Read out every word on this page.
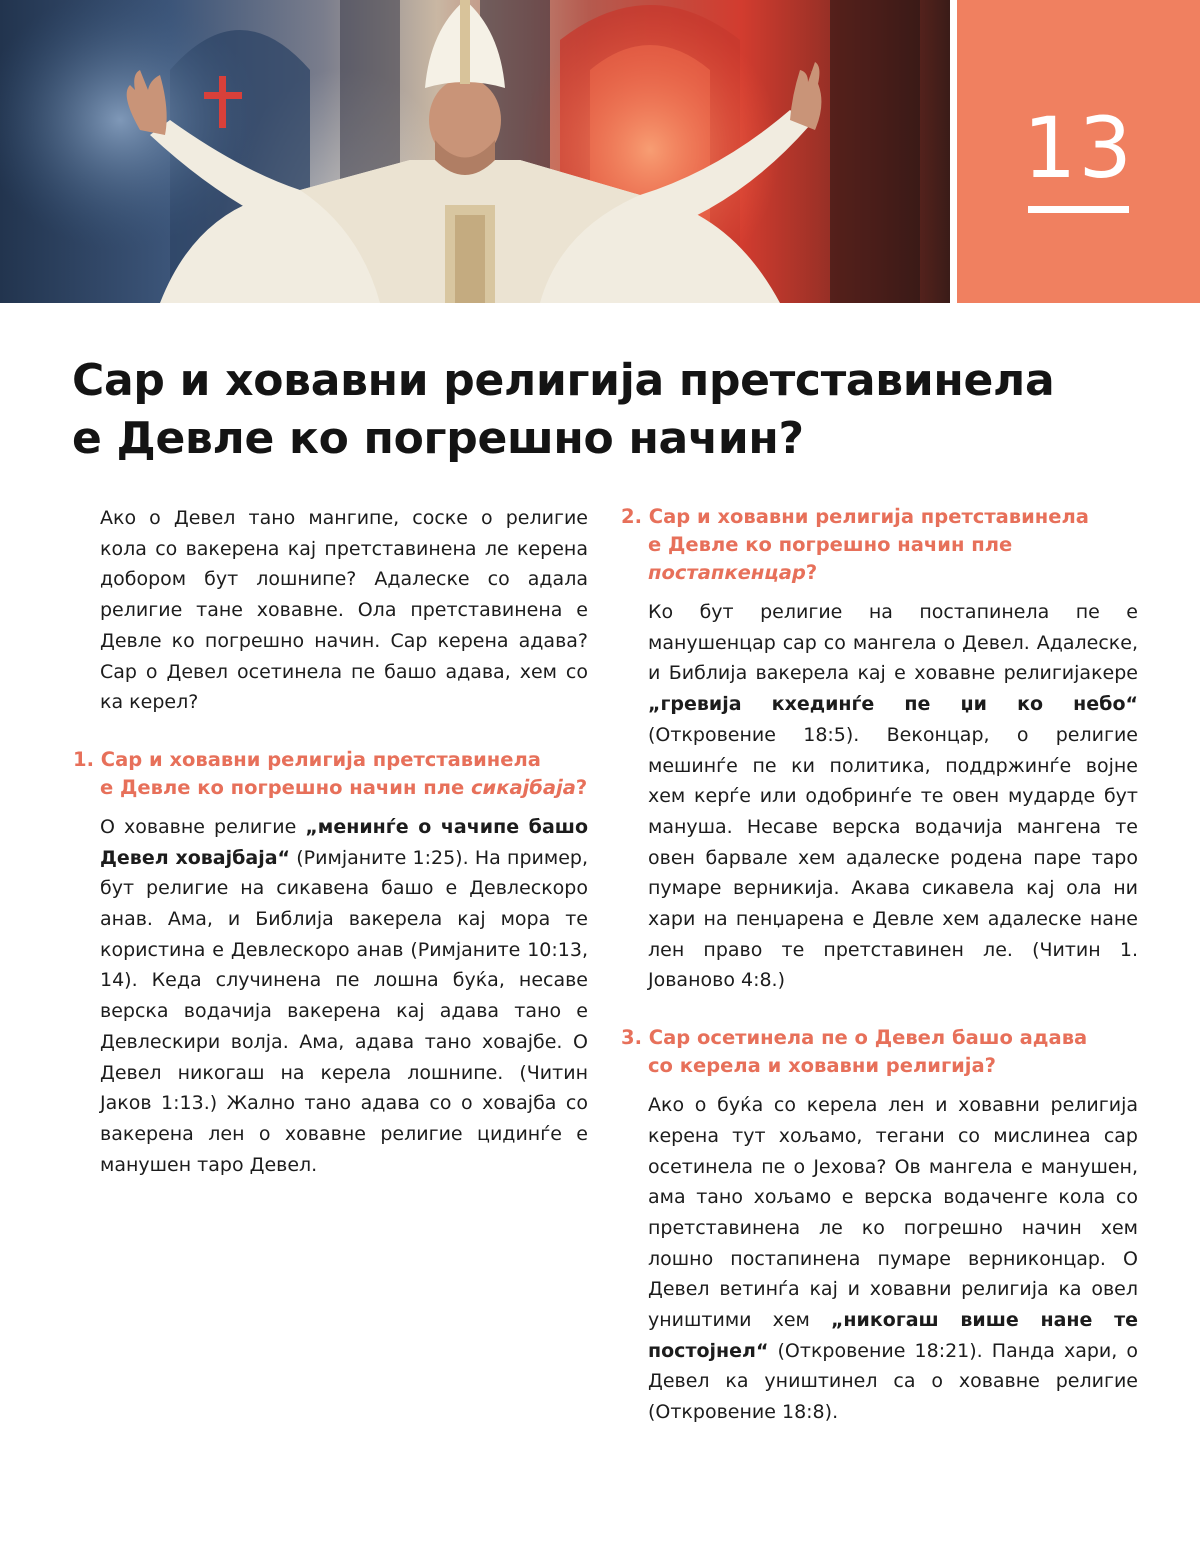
13
Сар и ховавни религија претставинела
е Девле ко погрешно начин?

Ако о Девел тано мангипе, соске о религие кола со вакерена кај претставинена ле керена добором бут лошнипе? Адалеске со адала религие тане ховавне. Ола претставинена е Девле ко погрешно начин. Сар керена адава? Сар о Девел осетинела пе башо адава, хем со ка керел?

1. Сар и ховавни религија претставинела
е Девле ко погрешно начин пле сикајбаја?

О ховавне религие „менинѓе о чачипе башо Девел ховајбаја“ (Римјаните 1:25). На пример, бут религие на сикавена башо е Девлескоро анав. Ама, и Библија вакерела кај мора те користина е Девлескоро анав (Римјаните 10:13, 14). Кеда случинена пе лошна буќа, несаве верска водачија вакерена кај адава тано е Девлескири волја. Ама, адава тано ховајбе. О Девел никогаш на керела лошнипе. (Читин Јаков 1:13.) Жално тано адава со о ховајба со вакерена лен о ховавне религие цидинѓе е манушен таро Девел.

2. Сар и ховавни религија претставинела
е Девле ко погрешно начин пле
постапкенцар?

Ко бут религие на постапинела пе е манушенцар сар со мангела о Девел. Адалеске, и Библија вакерела кај е ховавне религијакере „гревија кхединѓе пе џи ко небо“ (Откровение 18:5). Веконцар, о религие мешинѓе пе ки политика, поддржинѓе војне хем керѓе или одобринѓе те овен мударде бут мануша. Несаве верска водачија мангена те овен барвале хем адалеске родена паре таро пумаре верникија. Акава сикавела кај ола ни хари на пенџарена е Девле хем адалеске нане лен право те претставинен ле. (Читин 1. Јованово 4:8.)

3. Сар осетинела пе о Девел башо адава
со керела и ховавни религија?

Ако о буќа со керела лен и ховавни религија керена тут хољамо, тегани со мислинеа сар осетинела пе о Јехова? Ов мангела е манушен, ама тано хољамо е верска водаченге кола со претставинена ле ко погрешно начин хем лошно постапинена пумаре верниконцар. О Девел ветинѓа кај и ховавни религија ка овел уништими хем „никогаш више нане те постојнел“ (Откровение 18:21). Панда хари, о Девел ка уништинел са о ховавне религие (Откровение 18:8).
